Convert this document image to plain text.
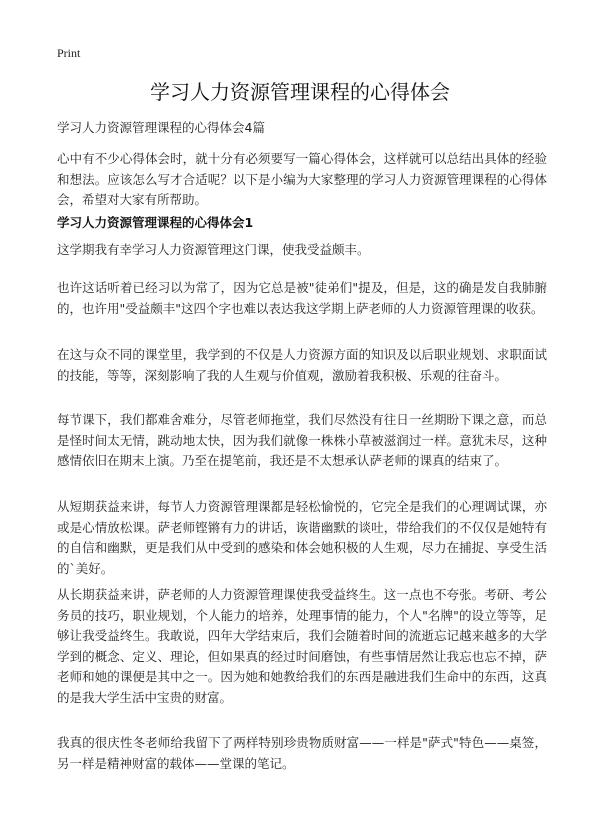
Print
学习人力资源管理课程的心得体会
学习人力资源管理课程的心得体会4篇

心中有不少心得体会时，就十分有必须要写一篇心得体会，这样就可以总结出具体的经验和想法。应该怎么写才合适呢？以下是小编为大家整理的学习人力资源管理课程的心得体会，希望对大家有所帮助。

学习人力资源管理课程的心得体会1

这学期我有幸学习人力资源管理这门课，使我受益颇丰。

也许这话听着已经习以为常了，因为它总是被"徒弟们"提及，但是，这的确是发自我肺腑的，也许用"受益颇丰"这四个字也难以表达我这学期上萨老师的人力资源管理课的收获。

在这与众不同的课堂里，我学到的不仅是人力资源方面的知识及以后职业规划、求职面试的技能，等等，深刻影响了我的人生观与价值观，激励着我积极、乐观的往奋斗。

每节课下，我们都难舍难分，尽管老师拖堂，我们尽然没有往日一丝期盼下课之意，而总是怪时间太无情，跳动地太快，因为我们就像一株株小草被滋润过一样。意犹未尽，这种感情依旧在期末上演。乃至在提笔前，我还是不太想承认萨老师的课真的结束了。

从短期获益来讲，每节人力资源管理课都是轻松愉悦的，它完全是我们的心理调试课，亦或是心情放松课。萨老师铿锵有力的讲话，诙谐幽默的谈吐，带给我们的不仅仅是她特有的自信和幽默，更是我们从中受到的感染和体会她积极的人生观，尽力在捕捉、享受生活的`美好。

从长期获益来讲，萨老师的人力资源管理课使我受益终生。这一点也不夸张。考研、考公务员的技巧，职业规划，个人能力的培养，处理事情的能力，个人"名牌"的设立等等，足够让我受益终生。我敢说，四年大学结束后，我们会随着时间的流逝忘记越来越多的大学学到的概念、定义、理论，但如果真的经过时间磨蚀，有些事情居然让我忘也忘不掉，萨老师和她的课便是其中之一。因为她和她教给我们的东西是融进我们生命中的东西，这真的是我大学生活中宝贵的财富。

我真的很庆性冬老师给我留下了两样特别珍贵物质财富——一样是"萨式"特色——桌签，另一样是精神财富的载体——堂课的笔记。
